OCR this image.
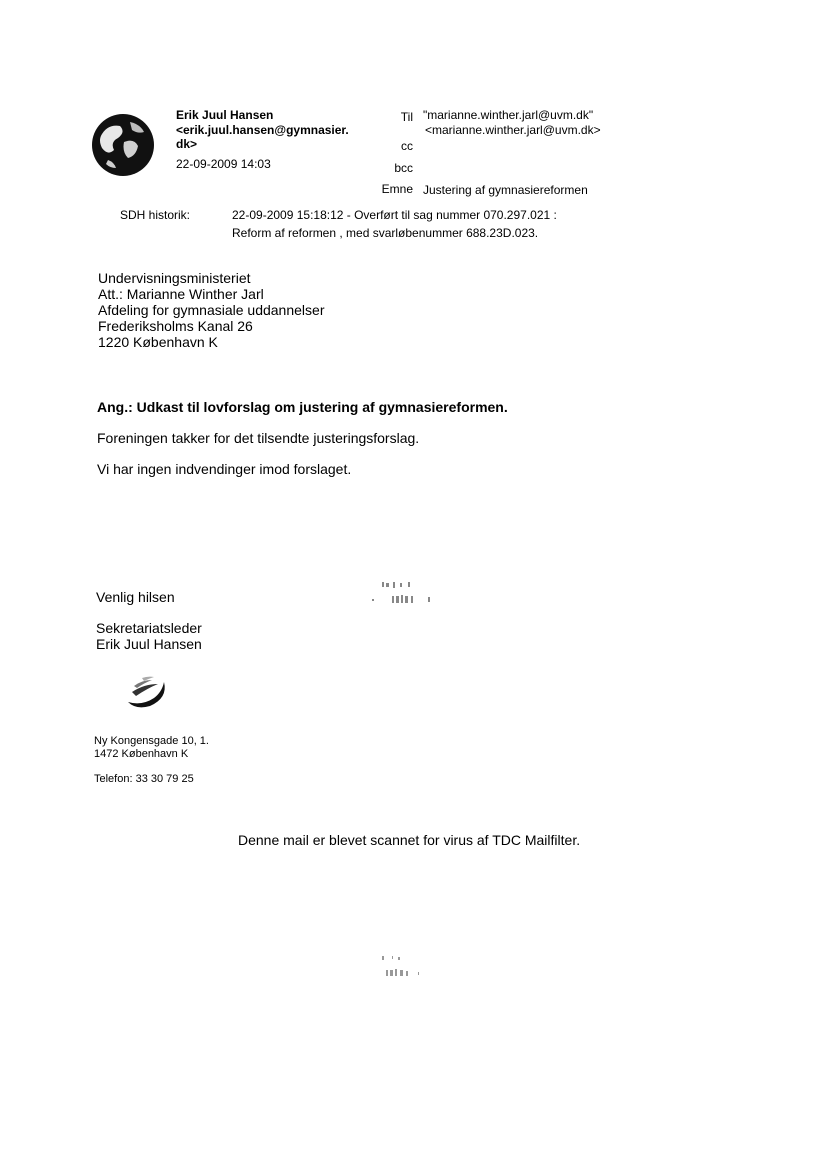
Erik Juul Hansen
<erik.juul.hansen@gymnasier.
dk>
22-09-2009 14:03
Til "marianne.winther.jarl@uvm.dk"
<marianne.winther.jarl@uvm.dk>
cc
bcc
Emne Justering af gymnasiereformen
SDH historik:	22-09-2009 15:18:12 - Overført til sag nummer 070.297.021 :
Reform af reformen , med svarløbenummer 688.23D.023.
Undervisningsministeriet
Att.: Marianne Winther Jarl
Afdeling for gymnasiale uddannelser
Frederiksholms Kanal 26
1220 København K
Ang.: Udkast til lovforslag om justering af gymnasiereformen.
Foreningen takker for det tilsendte justeringsforslag.
Vi har ingen indvendinger imod forslaget.
Venlig hilsen
Sekretariatsleder
Erik Juul Hansen
Ny Kongensgade 10, 1.
1472 København K
Telefon: 33 30 79 25
Denne mail er blevet scannet for virus af TDC Mailfilter.
